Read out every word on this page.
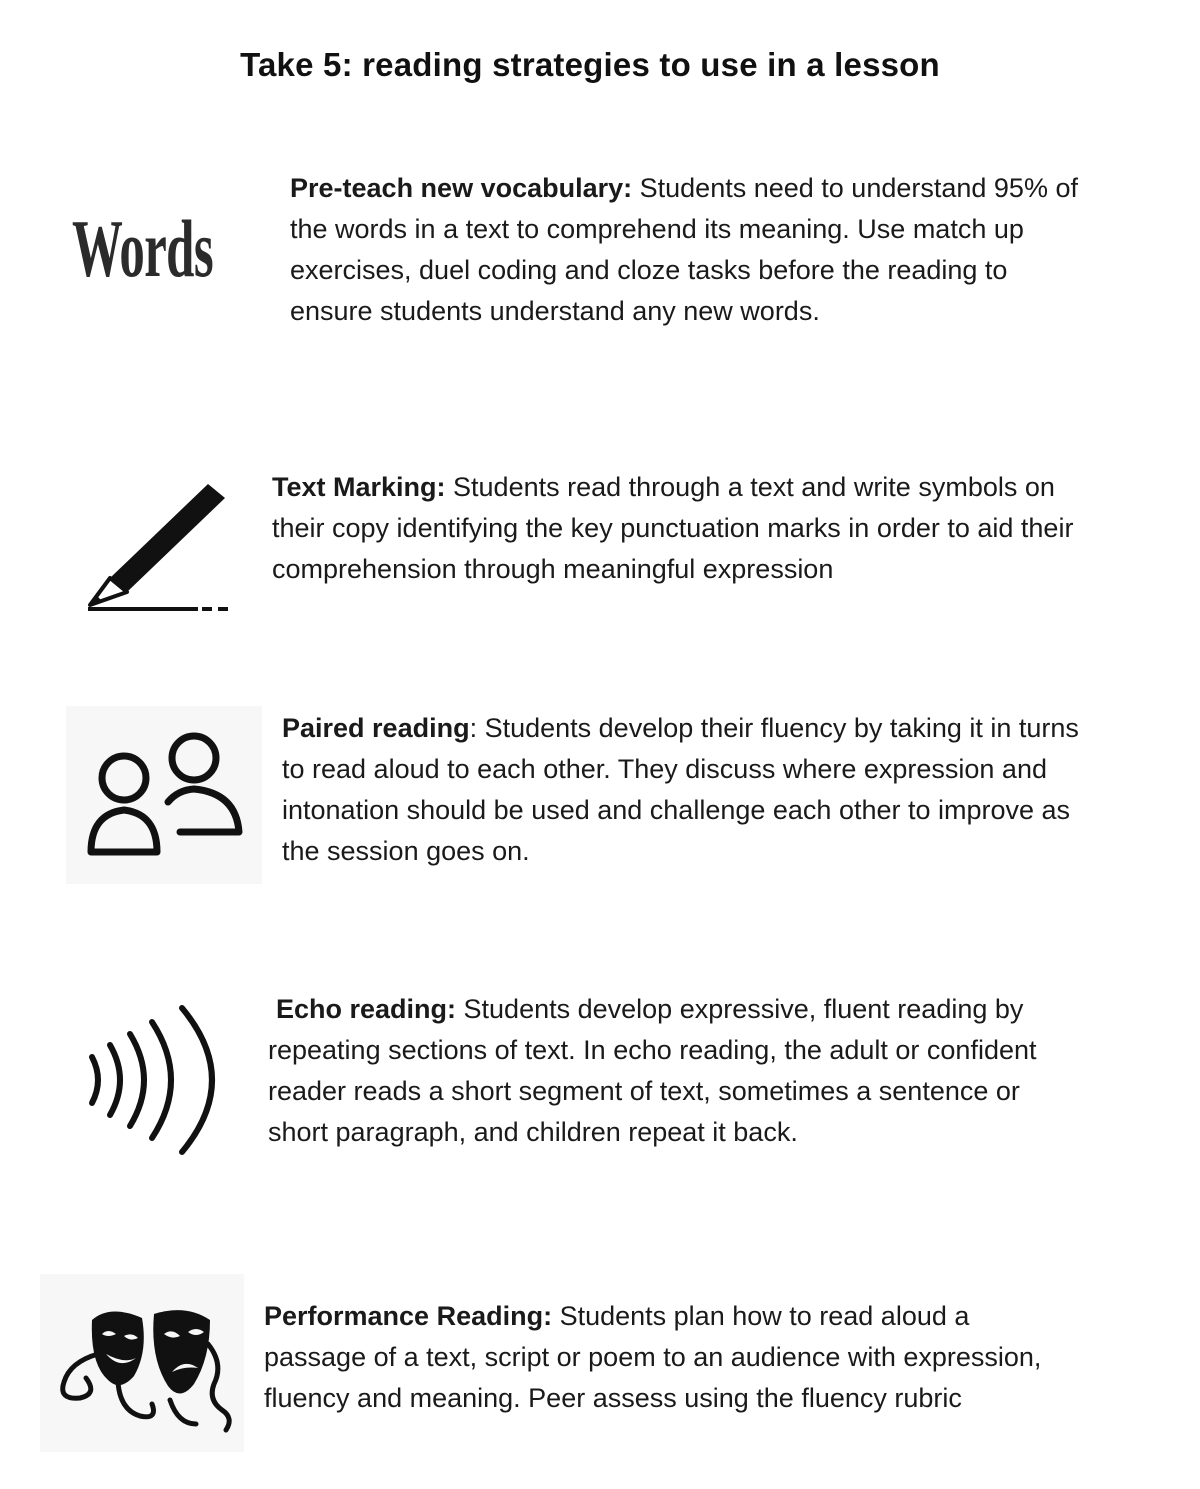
Take 5: reading strategies to use in a lesson
Words
Pre-teach new vocabulary: Students need to understand 95% of the words in a text to comprehend its meaning. Use match up exercises, duel coding and cloze tasks before the reading to ensure students understand any new words.
Text Marking: Students read through a text and write symbols on their copy identifying the key punctuation marks in order to aid their comprehension through meaningful expression
Paired reading: Students develop their fluency by taking it in turns to read aloud to each other. They discuss where expression and intonation should be used and challenge each other to improve as the session goes on.
Echo reading: Students develop expressive, fluent reading by repeating sections of text. In echo reading, the adult or confident reader reads a short segment of text, sometimes a sentence or short paragraph, and children repeat it back.
Performance Reading: Students plan how to read aloud a passage of a text, script or poem to an audience with expression, fluency and meaning. Peer assess using the fluency rubric
